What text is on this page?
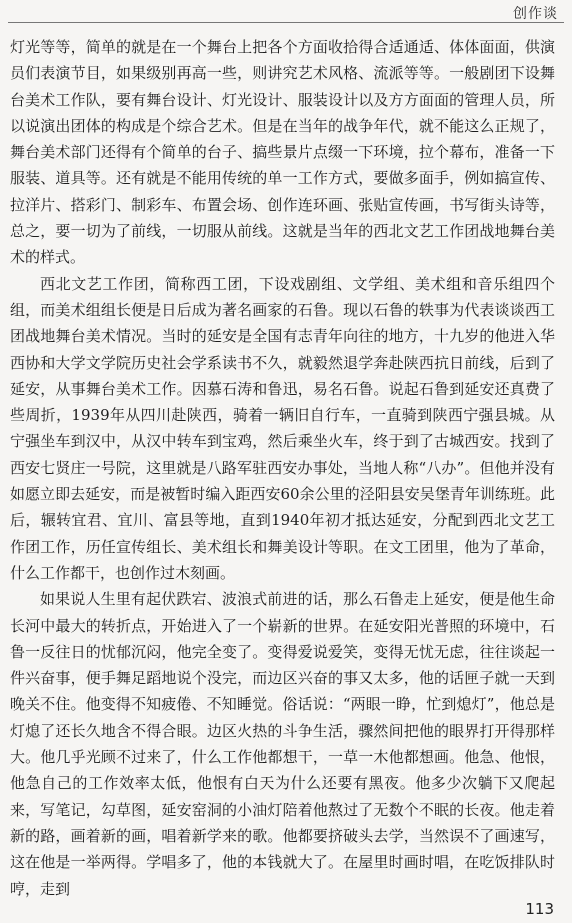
创作谈

灯光等等，简单的就是在一个舞台上把各个方面收拾得合适通适、体体面面，供演员们表演节目，如果级别再高一些，则讲究艺术风格、流派等等。一般剧团下设舞台美术工作队，要有舞台设计、灯光设计、服装设计以及方方面面的管理人员，所以说演出团体的构成是个综合艺术。但是在当年的战争年代，就不能这么正规了，舞台美术部门还得有个简单的台子、搞些景片点缀一下环境，拉个幕布，准备一下服装、道具等。还有就是不能用传统的单一工作方式，要做多面手，例如搞宣传、拉洋片、搭彩门、制彩车、布置会场、创作连环画、张贴宣传画，书写街头诗等，总之，要一切为了前线，一切服从前线。这就是当年的西北文艺工作团战地舞台美术的样式。

西北文艺工作团，简称西工团，下设戏剧组、文学组、美术组和音乐组四个组，而美术组组长便是日后成为著名画家的石鲁。现以石鲁的轶事为代表谈谈西工团战地舞台美术情况。当时的延安是全国有志青年向往的地方，十九岁的他进入华西协和大学文学院历史社会学系读书不久，就毅然退学奔赴陕西抗日前线，后到了延安，从事舞台美术工作。因慕石涛和鲁迅，易名石鲁。说起石鲁到延安还真费了些周折，1939年从四川赴陕西，骑着一辆旧自行车，一直骑到陕西宁强县城。从宁强坐车到汉中，从汉中转车到宝鸡，然后乘坐火车，终于到了古城西安。找到了西安七贤庄一号院，这里就是八路军驻西安办事处，当地人称“八办”。但他并没有如愿立即去延安，而是被暂时编入距西安60余公里的泾阳县安吴堡青年训练班。此后，辗转宜君、宜川、富县等地，直到1940年初才抵达延安，分配到西北文艺工作团工作，历任宣传组长、美术组长和舞美设计等职。在文工团里，他为了革命，什么工作都干，也创作过木刻画。

如果说人生里有起伏跌宕、波浪式前进的话，那么石鲁走上延安，便是他生命长河中最大的转折点，开始进入了一个崭新的世界。在延安阳光普照的环境中，石鲁一反往日的忧郁沉闷，他完全变了。变得爱说爱笑，变得无忧无虑，往往谈起一件兴奋事，便手舞足蹈地说个没完，而边区兴奋的事又太多，他的话匣子就一天到晚关不住。他变得不知疲倦、不知睡觉。俗话说：“两眼一睁，忙到熄灯”，他总是灯熄了还长久地含不得合眼。边区火热的斗争生活，骤然间把他的眼界打开得那样大。他几乎光顾不过来了，什么工作他都想干，一草一木他都想画。他急、他恨，他急自己的工作效率太低，他恨有白天为什么还要有黑夜。他多少次躺下又爬起来，写笔记，勾草图，延安窑洞的小油灯陪着他熬过了无数个不眠的长夜。他走着新的路，画着新的画，唱着新学来的歌。他都要挤破头去学，当然误不了画速写，这在他是一举两得。学唱多了，他的本钱就大了。在屋里时画时唱，在吃饭排队时哼，走到

113
